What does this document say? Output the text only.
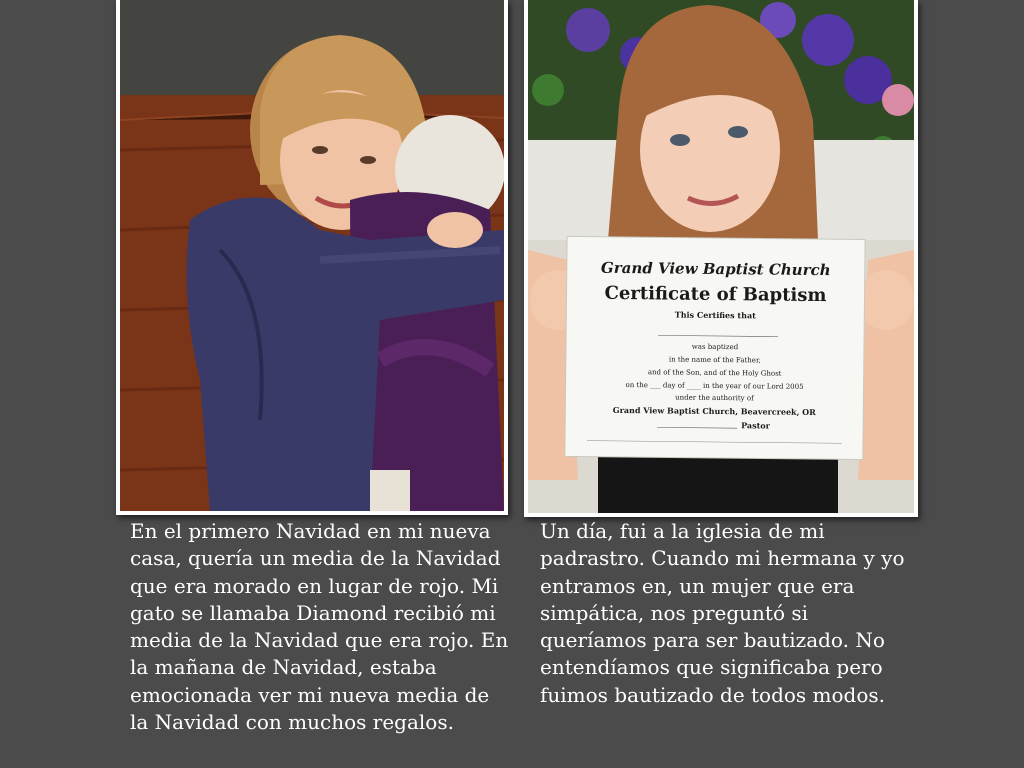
Grand View Baptist Church
Certificate of Baptism
This Certifies that
was baptized
in the name of the Father,
and of the Son, and of the Holy Ghost
on the ___ day of ____ in the year of our Lord 2005
under the authority of
Grand View Baptist Church, Beavercreek, OR
Pastor

En el primero Navidad en mi nueva casa, quería un media de la Navidad que era morado en lugar de rojo. Mi gato se llamaba Diamond recibió mi media de la Navidad que era rojo. En la mañana de Navidad, estaba emocionada ver mi nueva media de la Navidad con muchos regalos.

Un día, fui a la iglesia de mi padrastro. Cuando mi hermana y yo entramos en, un mujer que era simpática, nos preguntó si queríamos para ser bautizado. No entendíamos que significaba pero fuimos bautizado de todos modos.
